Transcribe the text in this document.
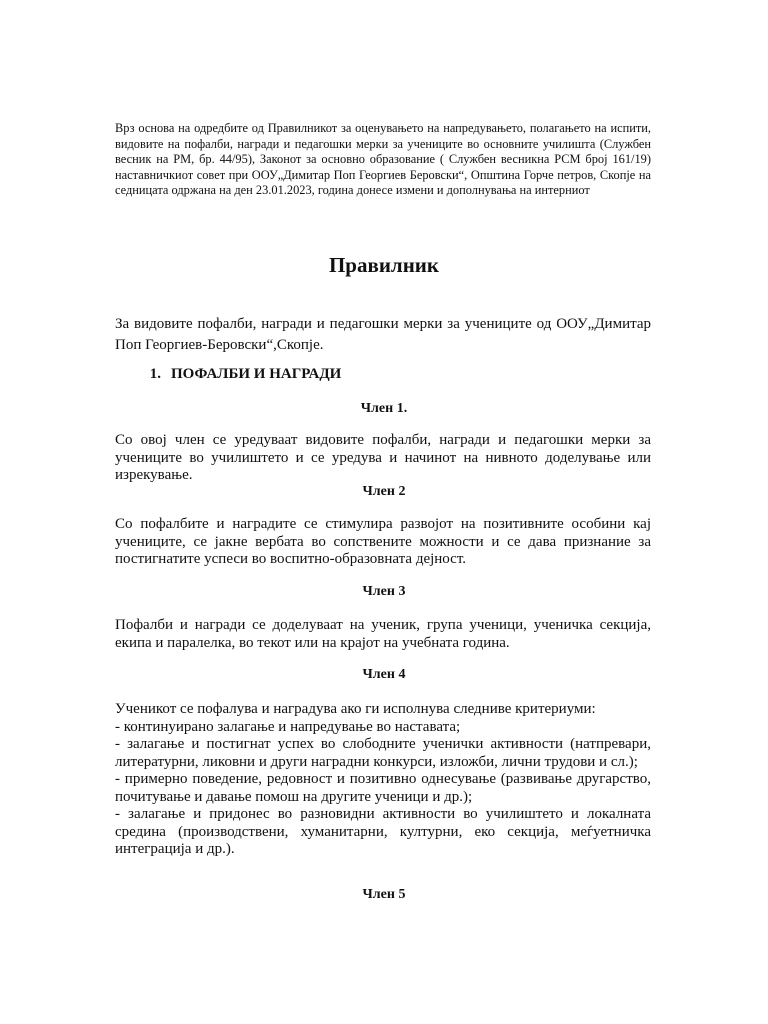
Врз основа на одредбите од Правилникот за оценувањето на напредувањето, полагањето на испити, видовите на пофалби, награди и педагошки мерки за учениците во основните училишта (Службен весник на РМ, бр. 44/95), Законот за основно образование ( Службен весникна РСМ број 161/19) наставничкиот совет при ООУ„Димитар Поп Георгиев Беровски“, Општина Горче петров, Скопје на седницата одржана на ден 23.01.2023, година донесе измени и дополнувања на интерниот

Правилник

За видовите пофалби, награди и педагошки мерки за учениците од ООУ„Димитар Поп Георгиев-Беровски“,Скопје.

1. ПОФАЛБИ И НАГРАДИ

Член 1.

Со овој член се уредуваат видовите пофалби, награди и педагошки мерки за учениците во училиштето и се уредува и начинот на нивното доделување или изрекување.

Член 2

Со пофалбите и наградите се стимулира развојот на позитивните особини кај учениците, се јакне вербата во сопствените можности и се дава признание за постигнатите успеси во воспитно-образовната дејност.

Член 3

Пофалби и награди се доделуваат на ученик, група ученици, ученичка секција, екипа и паралелка, во текот или на крајот на учебната година.

Член 4

Ученикот се пофалува и наградува ако ги исполнува следниве критериуми:
- континуирано залагање и напредување во наставата;
- залагање и постигнат успех во слободните ученички активности (натпревари, литературни, ликовни и други наградни конкурси, изложби, лични трудови и сл.);
- примерно поведение, редовност и позитивно однесување (развивање другарство, почитување и давање помош на другите ученици и др.);
- залагање и придонес во разновидни активности во училиштето и локалната средина (производствени, хуманитарни, културни, еко секција, меѓуетничка интеграција и др.).

Член 5
